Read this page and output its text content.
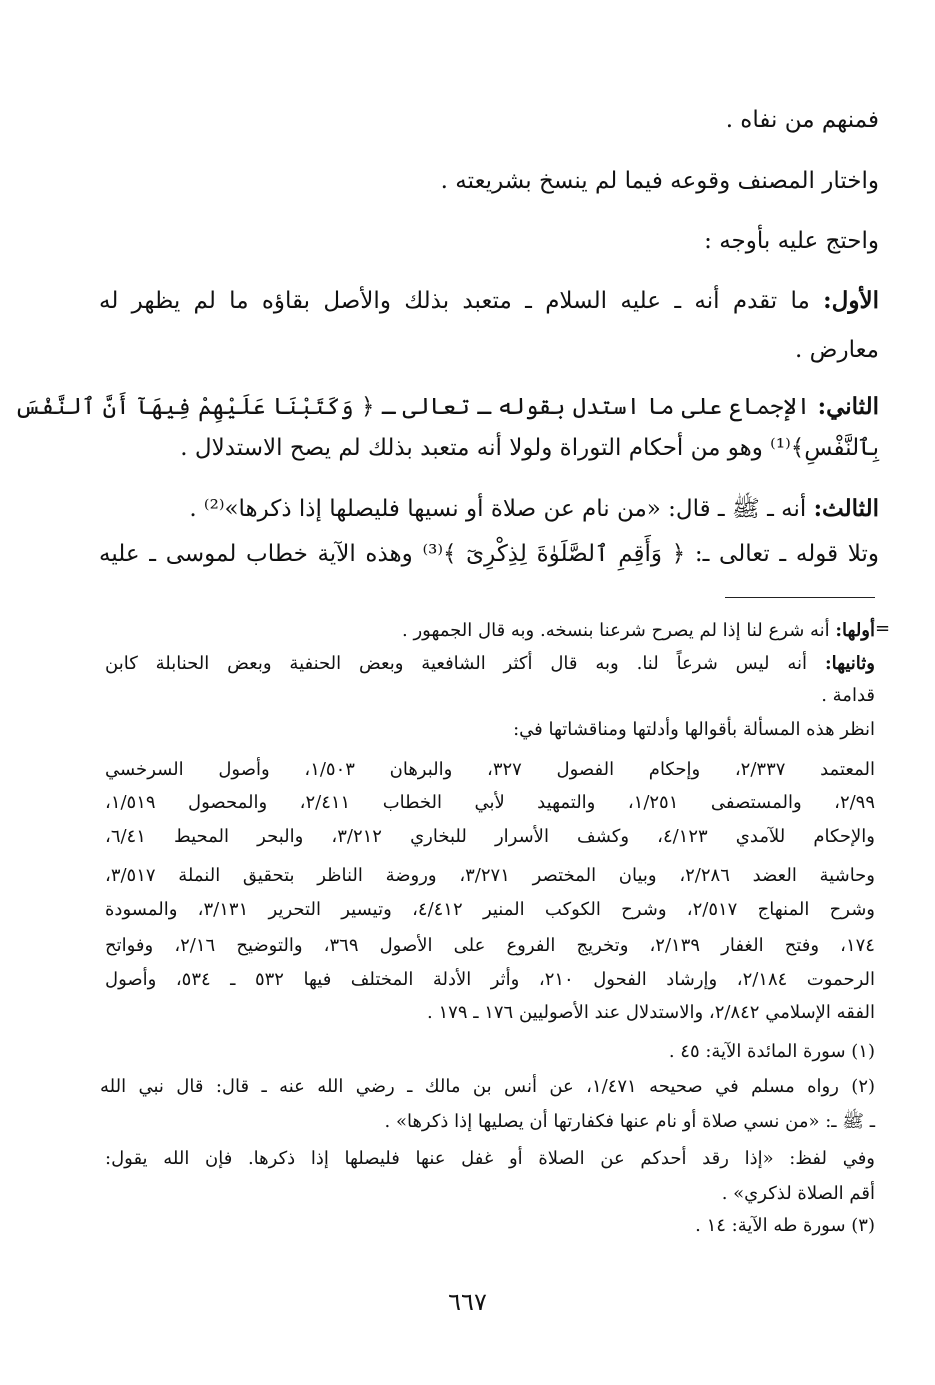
فمنهم من نفاه .
واختار المصنف وقوعه فيما لم ينسخ بشريعته .
واحتج عليه بأوجه :
الأول: ما تقدم أنه ـ عليه السلام ـ متعبد بذلك والأصل بقاؤه ما لم يظهر له
معارض .
الثاني: الإجماع على ما استدل بقوله ـ تعالى ـ ﴿ وَكَتَبْنَا عَلَيْهِمْ فِيهَآ أَنَّ ٱلنَّفْسَ
بِٱلنَّفْسِ﴾⁽¹⁾ وهو من أحكام التوراة ولولا أنه متعبد بذلك لم يصح الاستدلال .
الثالث: أنه ـ ﷺ ـ قال: «من نام عن صلاة أو نسيها فليصلها إذا ذكرها»⁽²⁾ .
وتلا قوله ـ تعالى ـ: ﴿ وَأَقِمِ ٱلصَّلَوٰةَ لِذِكْرِىٓ ﴾⁽³⁾ وهذه الآية خطاب لموسى ـ عليه
=
أولها: أنه شرع لنا إذا لم يصرح شرعنا بنسخه. وبه قال الجمهور .
وثانيها: أنه ليس شرعاً لنا. وبه قال أكثر الشافعية وبعض الحنفية وبعض الحنابلة كابن
قدامة .
انظر هذه المسألة بأقوالها وأدلتها ومناقشاتها في:
المعتمد ٢/٣٣٧، وإحكام الفصول ٣٢٧، والبرهان ١/٥٠٣، وأصول السرخسي
٢/٩٩، والمستصفى ١/٢٥١، والتمهيد لأبي الخطاب ٢/٤١١، والمحصول ١/٥١٩،
والإحكام للآمدي ٤/١٢٣، وكشف الأسرار للبخاري ٣/٢١٢، والبحر المحيط ٦/٤١،
وحاشية العضد ٢/٢٨٦، وبيان المختصر ٣/٢٧١، وروضة الناظر بتحقيق النملة ٣/٥١٧،
وشرح المنهاج ٢/٥١٧، وشرح الكوكب المنير ٤/٤١٢، وتيسير التحرير ٣/١٣١، والمسودة
١٧٤، وفتح الغفار ٢/١٣٩، وتخريج الفروع على الأصول ٣٦٩، والتوضيح ٢/١٦، وفواتح
الرحموت ٢/١٨٤، وإرشاد الفحول ٢١٠، وأثر الأدلة المختلف فيها ٥٣٢ ـ ٥٣٤، وأصول
الفقه الإسلامي ٢/٨٤٢، والاستدلال عند الأصوليين ١٧٦ ـ ١٧٩ .
(١) سورة المائدة الآية: ٤٥ .
(٢) رواه مسلم في صحيحه ١/٤٧١، عن أنس بن مالك ـ رضي الله عنه ـ قال: قال نبي الله
ـ ﷺ ـ: «من نسي صلاة أو نام عنها فكفارتها أن يصليها إذا ذكرها» .
وفي لفظ: «إذا رقد أحدكم عن الصلاة أو غفل عنها فليصلها إذا ذكرها. فإن الله يقول:
أقم الصلاة لذكري» .
(٣) سورة طه الآية: ١٤ .
٦٦٧
